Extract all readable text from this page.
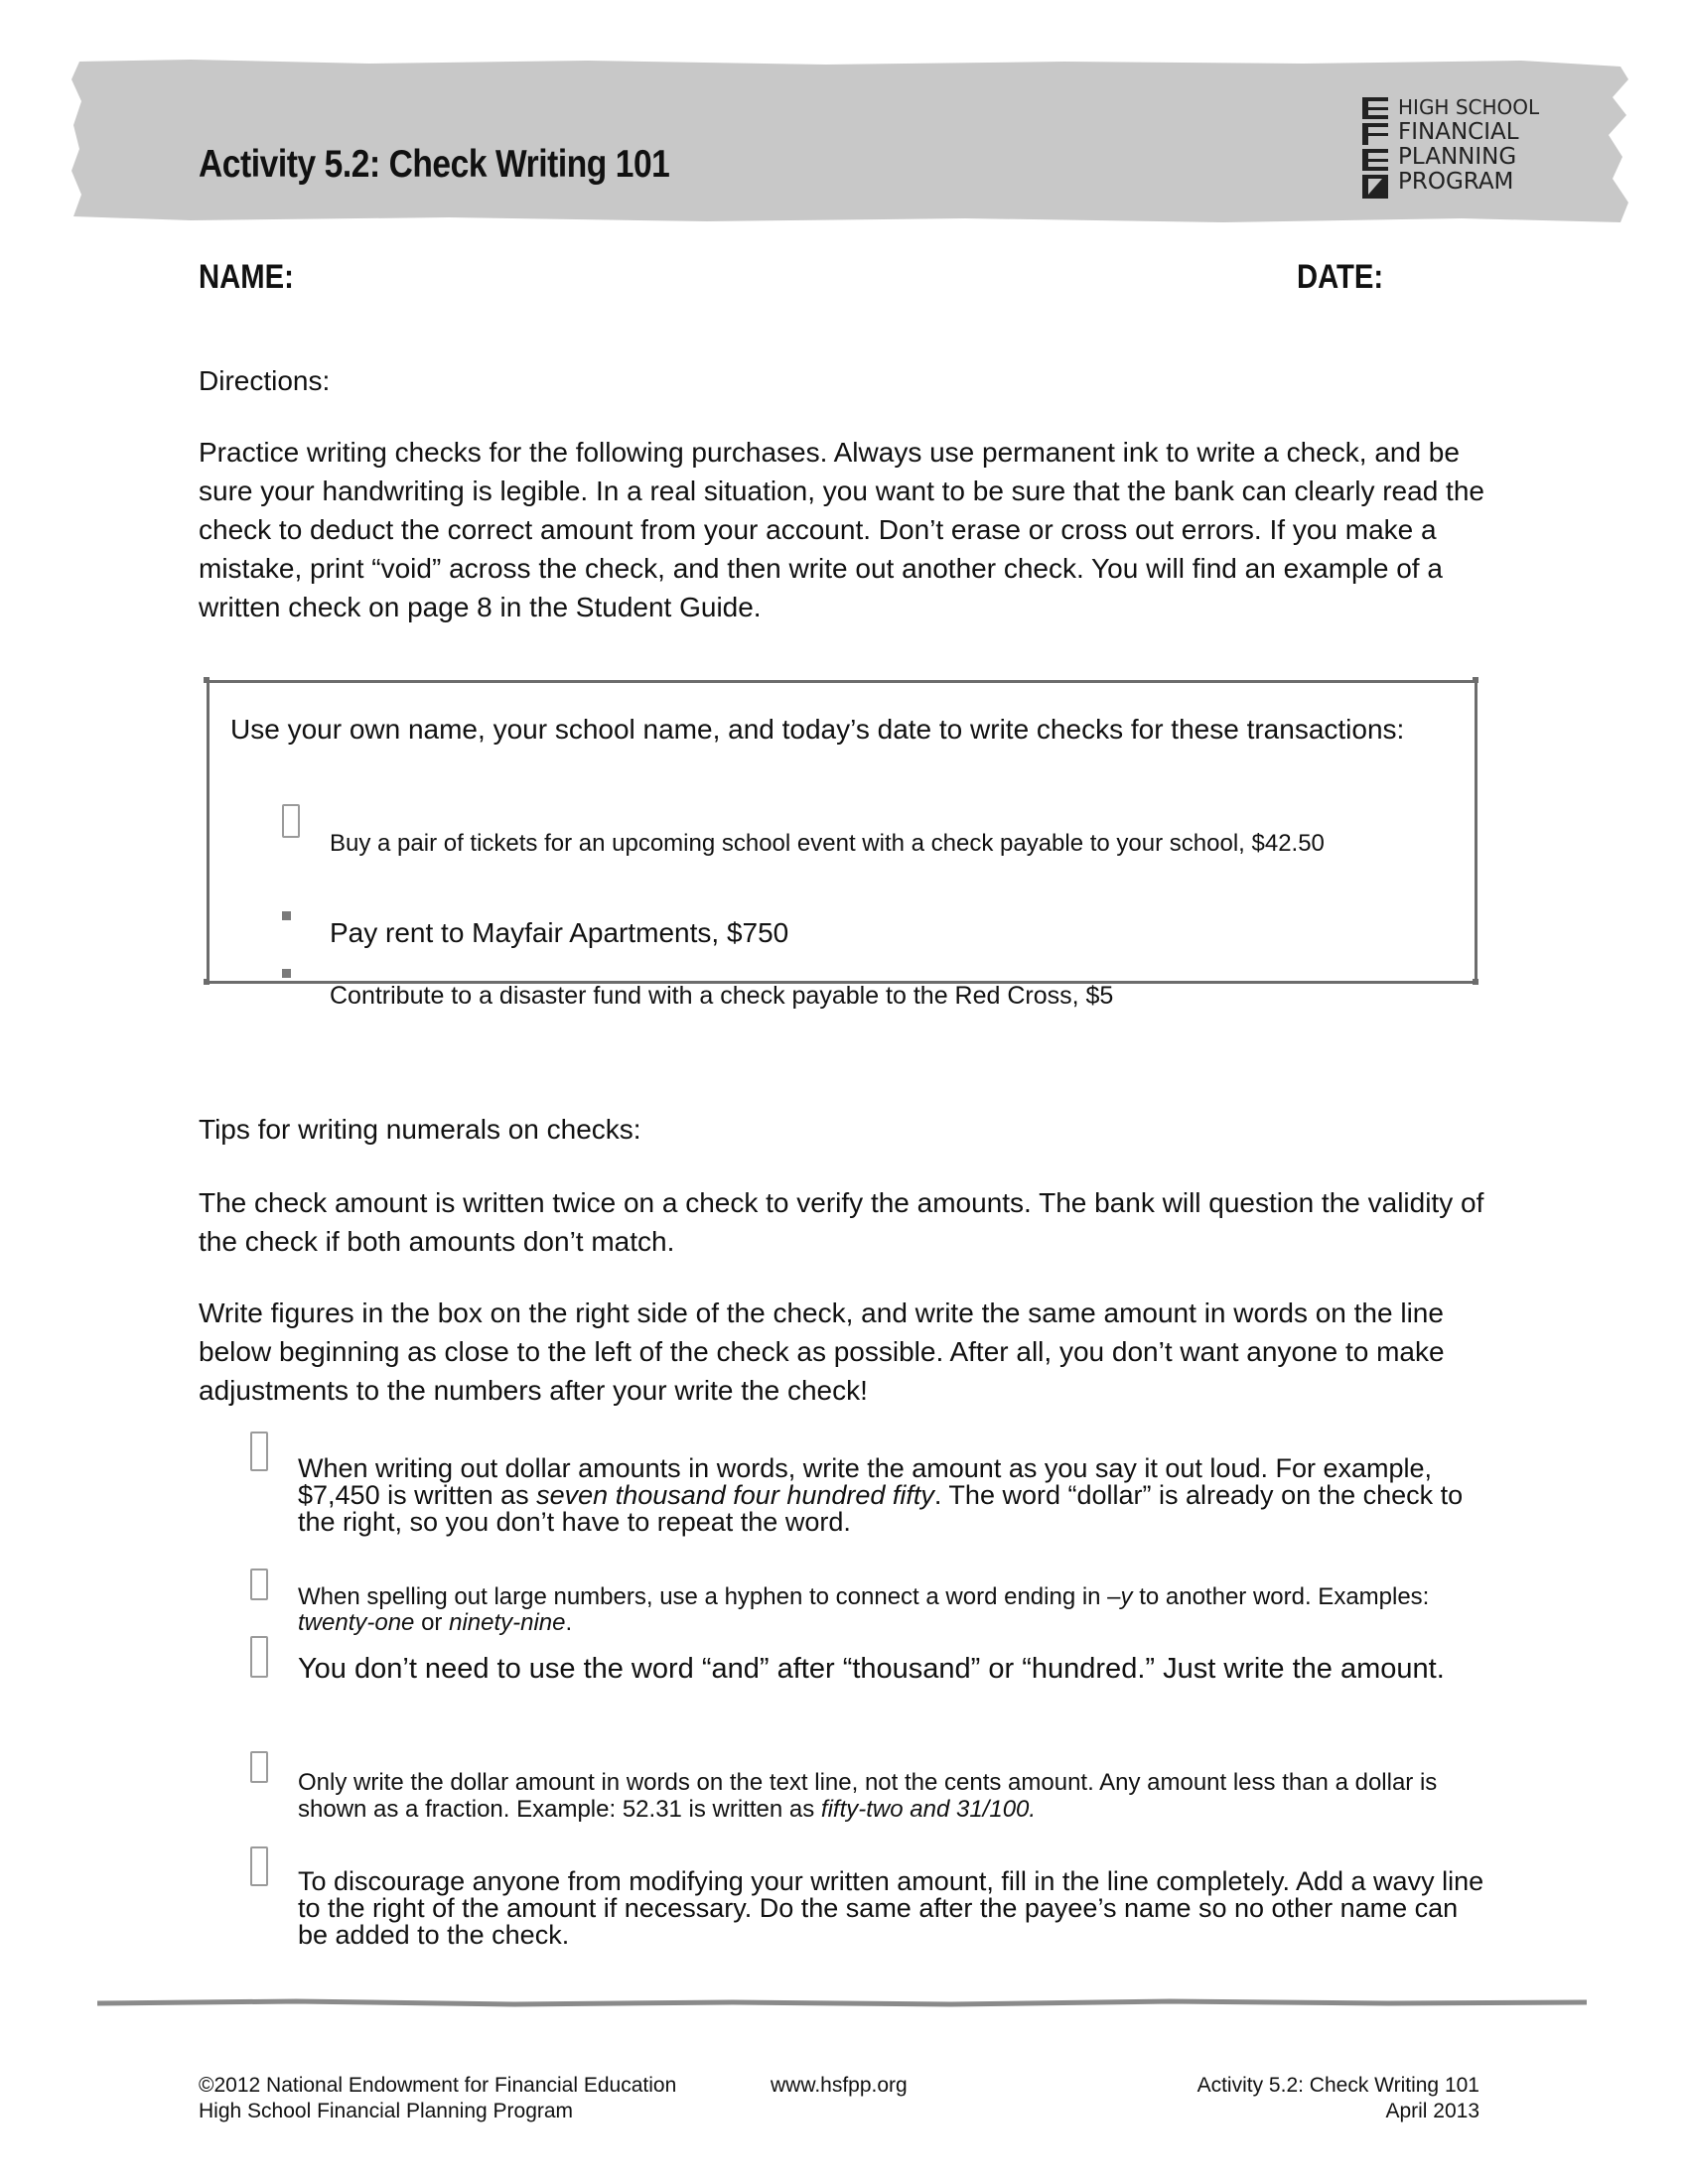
Activity 5.2: Check Writing 101
HIGH SCHOOL
FINANCIAL
PLANNING
PROGRAM
NAME:	DATE:

Directions:

Practice writing checks for the following purchases. Always use permanent ink to write a check, and be sure your handwriting is legible. In a real situation, you want to be sure that the bank can clearly read the check to deduct the correct amount from your account. Don’t erase or cross out errors. If you make a mistake, print “void” across the check, and then write out another check. You will find an example of a written check on page 8 in the Student Guide.

Use your own name, your school name, and today’s date to write checks for these transactions:

Buy a pair of tickets for an upcoming school event with a check payable to your school, $42.50

Pay rent to Mayfair Apartments, $750

Contribute to a disaster fund with a check payable to the Red Cross, $5

Tips for writing numerals on checks:

The check amount is written twice on a check to verify the amounts. The bank will question the validity of the check if both amounts don’t match.

Write figures in the box on the right side of the check, and write the same amount in words on the line below beginning as close to the left of the check as possible. After all, you don’t want anyone to make adjustments to the numbers after your write the check!

When writing out dollar amounts in words, write the amount as you say it out loud. For example, $7,450 is written as seven thousand four hundred fifty. The word “dollar” is already on the check to the right, so you don’t have to repeat the word.

When spelling out large numbers, use a hyphen to connect a word ending in –y to another word. Examples: twenty-one or ninety-nine.

You don’t need to use the word “and” after “thousand” or “hundred.” Just write the amount.

Only write the dollar amount in words on the text line, not the cents amount. Any amount less than a dollar is shown as a fraction. Example: 52.31 is written as fifty-two and 31/100.

To discourage anyone from modifying your written amount, fill in the line completely. Add a wavy line to the right of the amount if necessary. Do the same after the payee’s name so no other name can be added to the check.

©2012 National Endowment for Financial Education
High School Financial Planning Program
www.hsfpp.org	Activity 5.2: Check Writing 101
April 2013
